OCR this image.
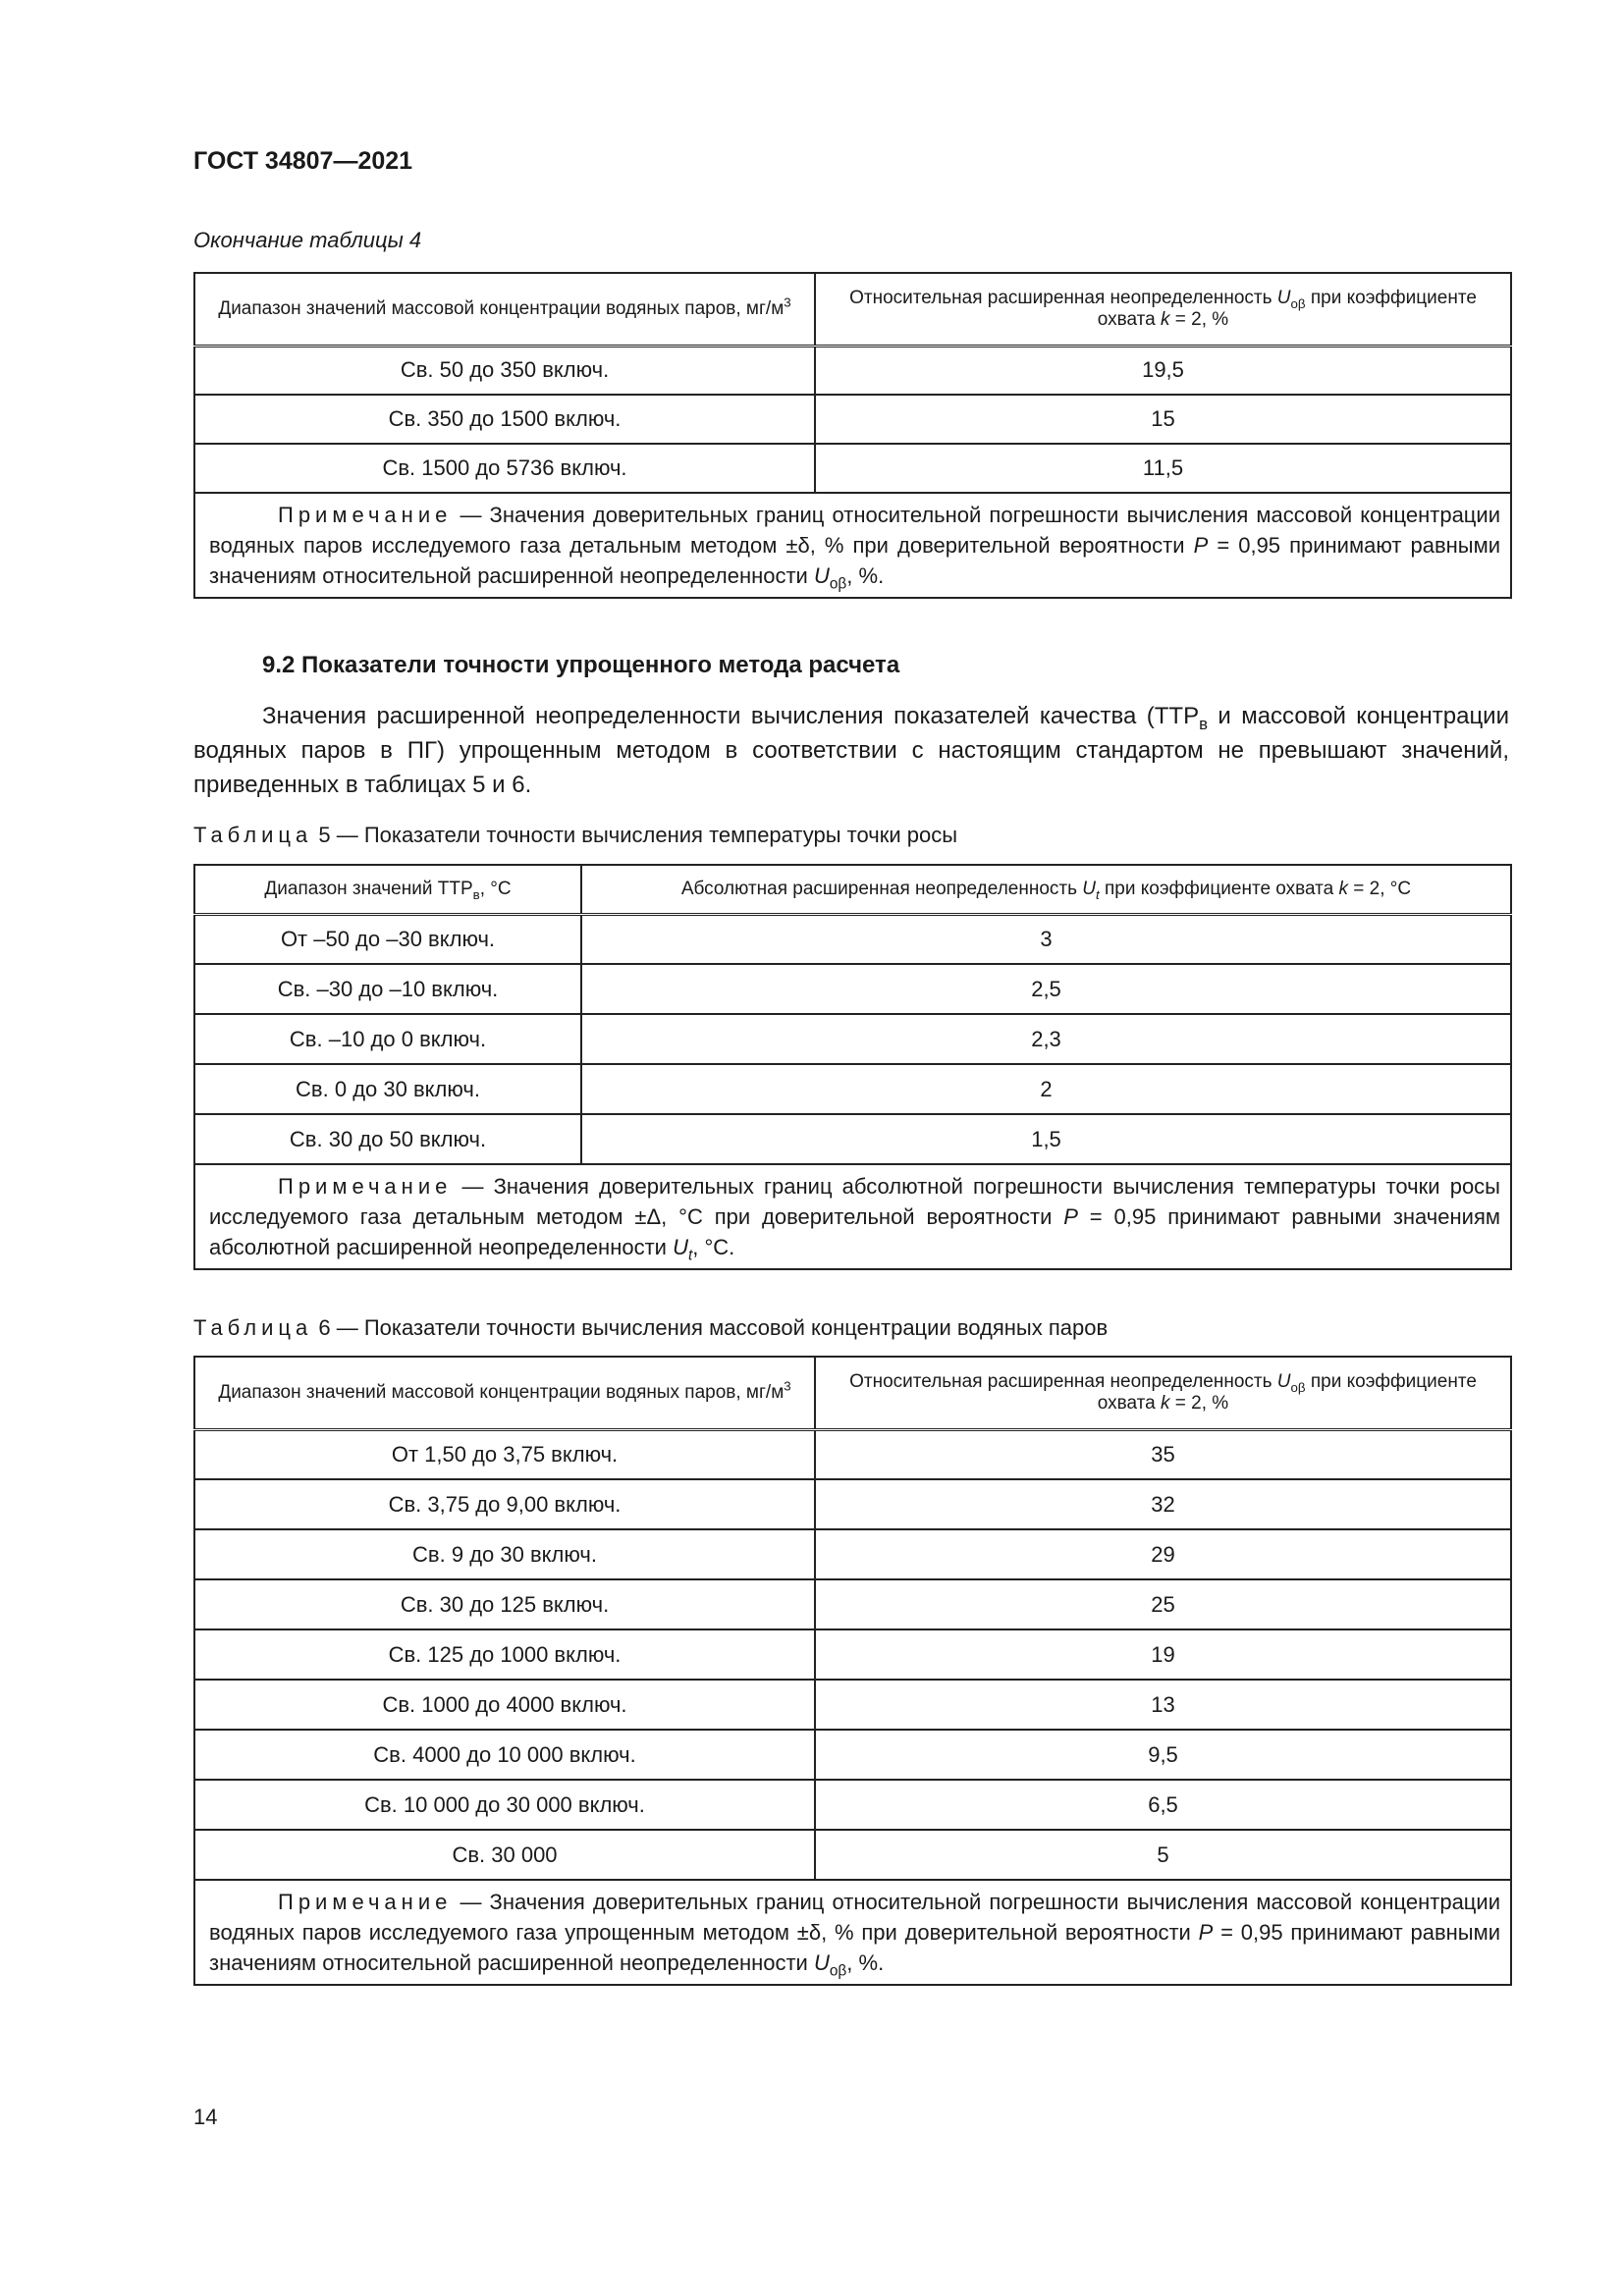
ГОСТ 34807—2021
Окончание таблицы 4
Диапазон значений массовой концентрации водяных паров, $мг/м^3$	Относительная расширенная неопределенность $U_{o\beta}$ при коэффициенте охвата k = 2, %
Св. 50 до 350 включ.	19,5
Св. 350 до 1500 включ.	15
Св. 1500 до 5736 включ.	11,5
Примечание — Значения доверительных границ относительной погрешности вычисления массовой концентрации водяных паров исследуемого газа детальным методом ±δ, % при доверительной вероятности P = 0,95 принимают равными значениям относительной расширенной неопределенности $U_{o\beta}$, %.	
9.2 Показатели точности упрощенного метода расчета
Значения расширенной неопределенности вычисления показателей качества ($ТТР_в$ и массовой концентрации водяных паров в ПГ) упрощенным методом в соответствии с настоящим стандартом не превышают значений, приведенных в таблицах 5 и 6.
Таблица 5 — Показатели точности вычисления температуры точки росы
Диапазон значений $ТТР_в$, °С	Абсолютная расширенная неопределенность $U_t$ при коэффициенте охвата k = 2, °С
От –50 до –30 включ.	3
Св. –30 до –10 включ.	2,5
Св. –10 до 0 включ.	2,3
Св. 0 до 30 включ.	2
Св. 30 до 50 включ.	1,5
Примечание — Значения доверительных границ абсолютной погрешности вычисления температуры точки росы исследуемого газа детальным методом ±Δ, °С при доверительной вероятности P = 0,95 принимают равными значениям абсолютной расширенной неопределенности $U_t$, °С.	
Таблица 6 — Показатели точности вычисления массовой концентрации водяных паров
Диапазон значений массовой концентрации водяных паров, $мг/м^3$	Относительная расширенная неопределенность $U_{o\beta}$ при коэффициенте охвата k = 2, %
От 1,50 до 3,75 включ.	35
Св. 3,75 до 9,00 включ.	32
Св. 9 до 30 включ.	29
Св. 30 до 125 включ.	25
Св. 125 до 1000 включ.	19
Св. 1000 до 4000 включ.	13
Св. 4000 до 10 000 включ.	9,5
Св. 10 000 до 30 000 включ.	6,5
Св. 30 000	5
Примечание — Значения доверительных границ относительной погрешности вычисления массовой концентрации водяных паров исследуемого газа упрощенным методом ±δ, % при доверительной вероятности P = 0,95 принимают равными значениям относительной расширенной неопределенности $U_{o\beta}$, %.	
14
